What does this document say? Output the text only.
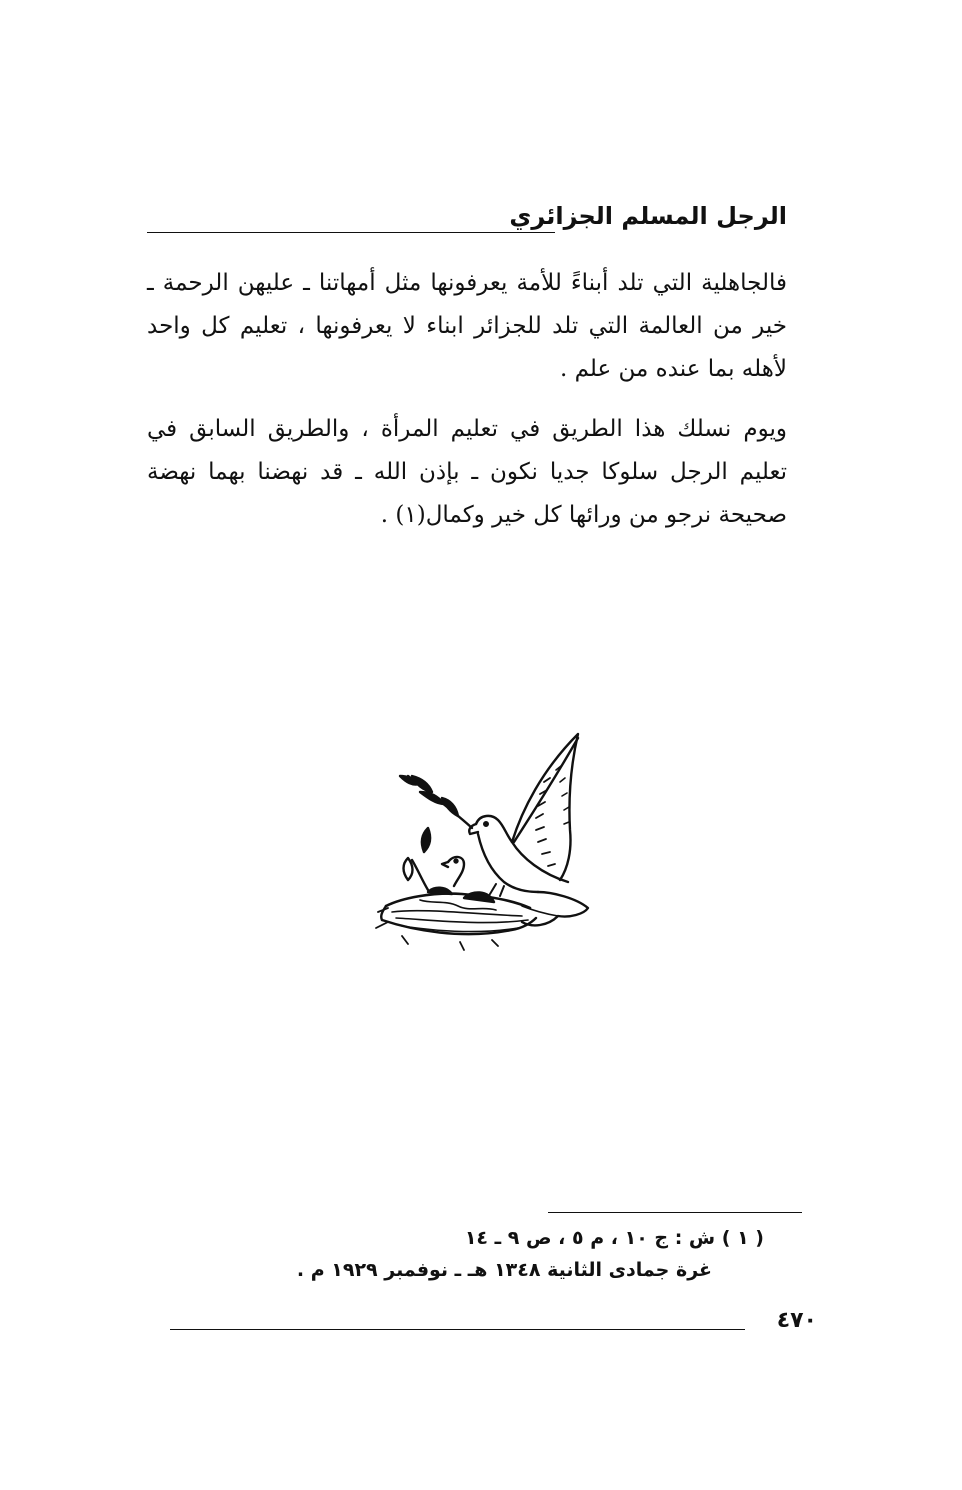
الرجل المسلم الجزائري

فالجاهلية التي تلد أبناءً للأمة يعرفونها مثل أمهاتنا ـ عليهن الرحمة ـ
خير من العالمة التي تلد للجزائر ابناء لا يعرفونها ، تعليم كل واحد
لأهله بما عنده من علم .

ويوم نسلك هذا الطريق في تعليم المرأة ، والطريق السابق في
تعليم الرجل سلوكا جديا نكون ـ بإذن الله ـ قد نهضنا بهما نهضة
صحيحة نرجو من ورائها كل خير وكمال(١) .

( ١ ) ش : ج ١٠ ، م ٥ ، ص ٩ ـ ١٤
غرة جمادى الثانية ١٣٤٨ هـ ـ نوفمبر ١٩٢٩ م .
٤٧٠
